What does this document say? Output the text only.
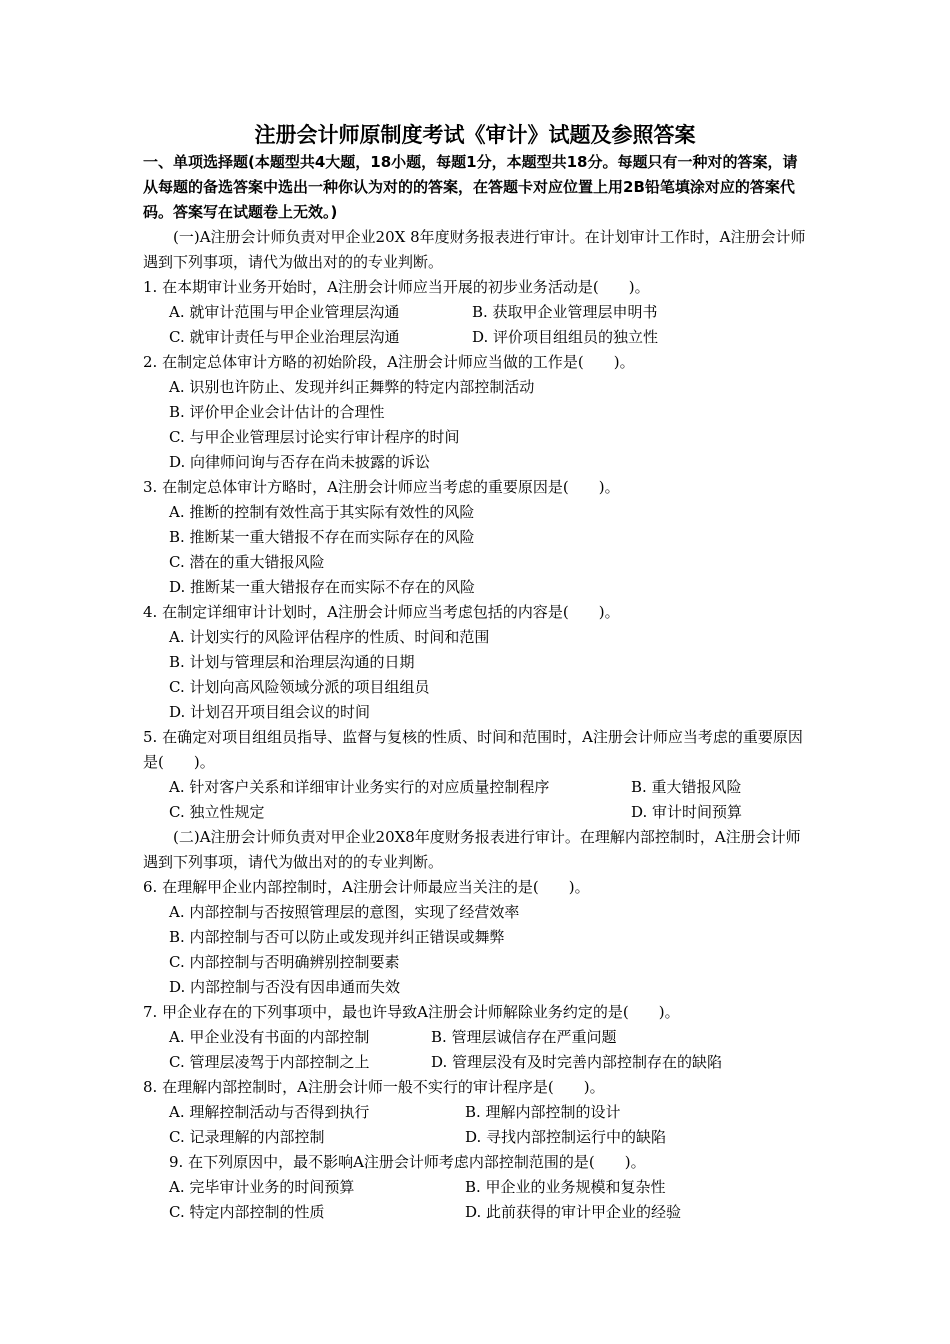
注册会计师原制度考试《审计》试题及参照答案
一、单项选择题(本题型共4大题，18小题，每题1分，本题型共18分。每题只有一种对的答案，请从每题的备选答案中选出一种你认为对的的答案，在答题卡对应位置上用2B铅笔填涂对应的答案代码。答案写在试题卷上无效。)

(一)A注册会计师负责对甲企业20X 8年度财务报表进行审计。在计划审计工作时，A注册会计师遇到下列事项，请代为做出对的的专业判断。

1. 在本期审计业务开始时，A注册会计师应当开展的初步业务活动是(　　)。

A. 就审计范围与甲企业管理层沟通	B. 获取甲企业管理层申明书
C. 就审计责任与甲企业治理层沟通	D. 评价项目组组员的独立性

2. 在制定总体审计方略的初始阶段，A注册会计师应当做的工作是(　　)。

A. 识别也许防止、发现并纠正舞弊的特定内部控制活动

B. 评价甲企业会计估计的合理性

C. 与甲企业管理层讨论实行审计程序的时间

D. 向律师问询与否存在尚未披露的诉讼

3. 在制定总体审计方略时，A注册会计师应当考虑的重要原因是(　　)。

A. 推断的控制有效性高于其实际有效性的风险

B. 推断某一重大错报不存在而实际存在的风险

C. 潜在的重大错报风险

D. 推断某一重大错报存在而实际不存在的风险

4. 在制定详细审计计划时，A注册会计师应当考虑包括的内容是(　　)。

A. 计划实行的风险评估程序的性质、时间和范围

B. 计划与管理层和治理层沟通的日期

C. 计划向高风险领域分派的项目组组员

D. 计划召开项目组会议的时间

5. 在确定对项目组组员指导、监督与复核的性质、时间和范围时，A注册会计师应当考虑的重要原因是(　　)。

A. 针对客户关系和详细审计业务实行的对应质量控制程序	B. 重大错报风险
C. 独立性规定	D. 审计时间预算

(二)A注册会计师负责对甲企业20X8年度财务报表进行审计。在理解内部控制时，A注册会计师遇到下列事项，请代为做出对的的专业判断。

6. 在理解甲企业内部控制时，A注册会计师最应当关注的是(　　)。

A. 内部控制与否按照管理层的意图，实现了经营效率

B. 内部控制与否可以防止或发现并纠正错误或舞弊

C. 内部控制与否明确辨别控制要素

D. 内部控制与否没有因串通而失效

7. 甲企业存在的下列事项中，最也许导致A注册会计师解除业务约定的是(　　)。

A. 甲企业没有书面的内部控制	B. 管理层诚信存在严重问题
C. 管理层凌驾于内部控制之上	D. 管理层没有及时完善内部控制存在的缺陷

8. 在理解内部控制时，A注册会计师一般不实行的审计程序是(　　)。

A. 理解控制活动与否得到执行	B. 理解内部控制的设计
C. 记录理解的内部控制	D. 寻找内部控制运行中的缺陷

9. 在下列原因中，最不影响A注册会计师考虑内部控制范围的是(　　)。

A. 完毕审计业务的时间预算	B. 甲企业的业务规模和复杂性
C. 特定内部控制的性质	D. 此前获得的审计甲企业的经验
